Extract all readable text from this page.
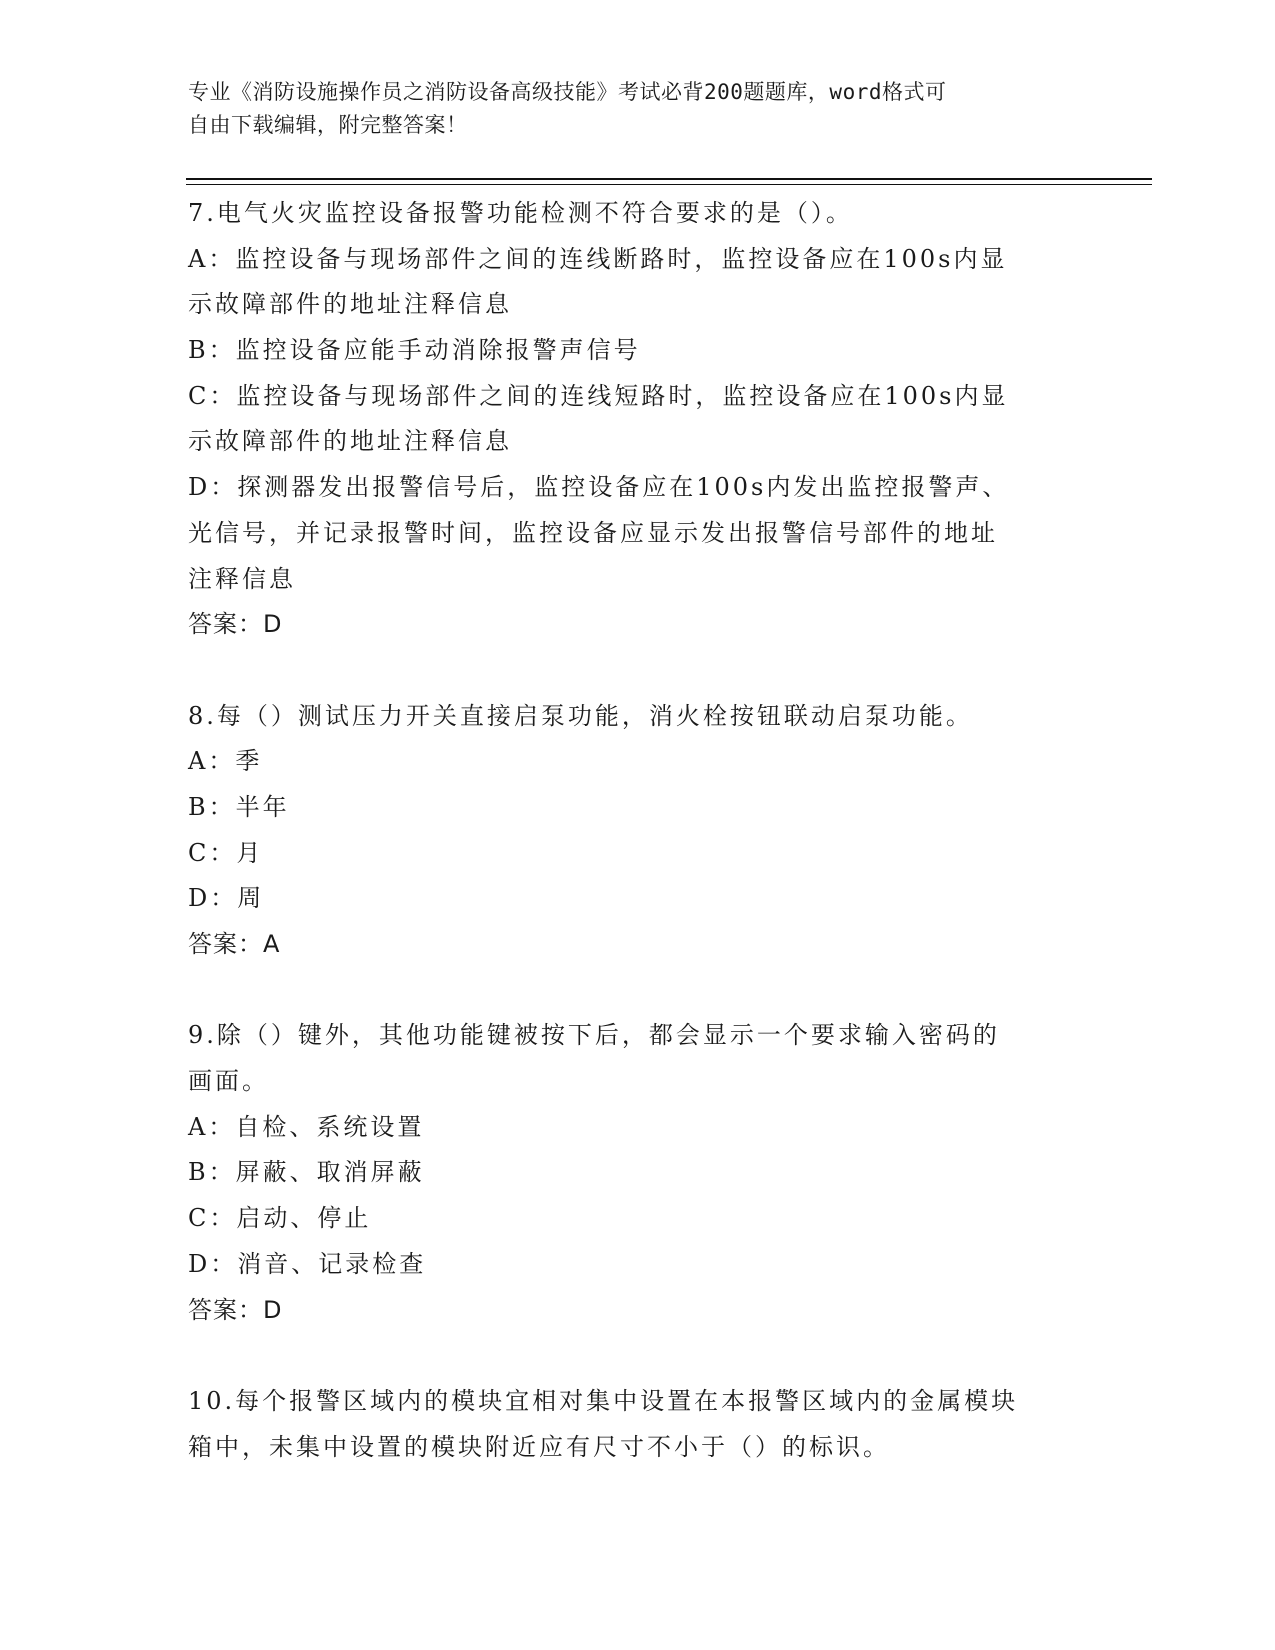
专业《消防设施操作员之消防设备高级技能》考试必背200题题库，word格式可
自由下载编辑，附完整答案！
7.电气火灾监控设备报警功能检测不符合要求的是（）。
A：监控设备与现场部件之间的连线断路时，监控设备应在100s内显
示故障部件的地址注释信息
B：监控设备应能手动消除报警声信号
C：监控设备与现场部件之间的连线短路时，监控设备应在100s内显
示故障部件的地址注释信息
D：探测器发出报警信号后，监控设备应在100s内发出监控报警声、
光信号，并记录报警时间，监控设备应显示发出报警信号部件的地址
注释信息
答案：D
8.每（）测试压力开关直接启泵功能，消火栓按钮联动启泵功能。
A：季
B：半年
C：月
D：周
答案：A
9.除（）键外，其他功能键被按下后，都会显示一个要求输入密码的
画面。
A：自检、系统设置
B：屏蔽、取消屏蔽
C：启动、停止
D：消音、记录检查
答案：D
10.每个报警区域内的模块宜相对集中设置在本报警区域内的金属模块
箱中，未集中设置的模块附近应有尺寸不小于（）的标识。
